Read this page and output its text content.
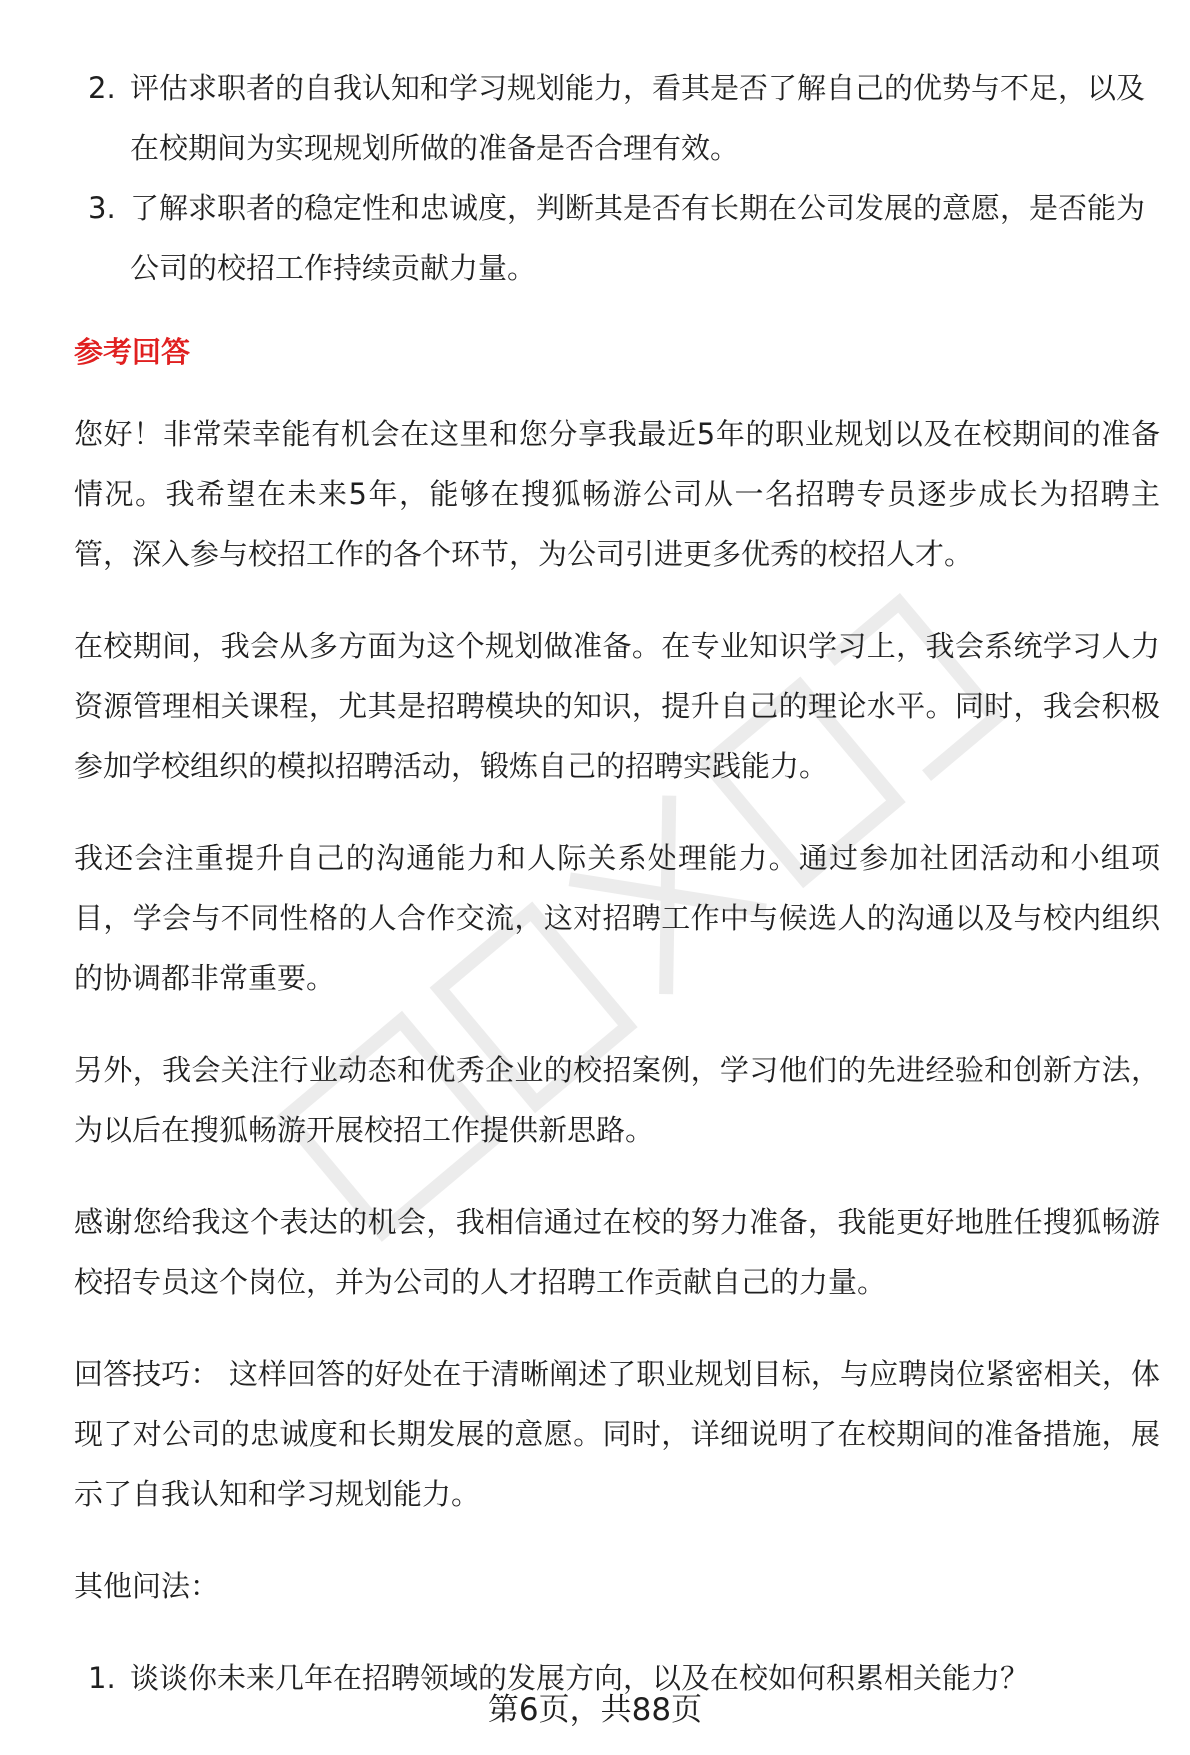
2. 评估求职者的自我认知和学习规划能力，看其是否了解自己的优势与不足，以及在校期间为实现规划所做的准备是否合理有效。

3. 了解求职者的稳定性和忠诚度，判断其是否有长期在公司发展的意愿，是否能为公司的校招工作持续贡献力量。

参考回答

您好！非常荣幸能有机会在这里和您分享我最近5年的职业规划以及在校期间的准备情况。我希望在未来5年，能够在搜狐畅游公司从一名招聘专员逐步成长为招聘主管，深入参与校招工作的各个环节，为公司引进更多优秀的校招人才。

在校期间，我会从多方面为这个规划做准备。在专业知识学习上，我会系统学习人力资源管理相关课程，尤其是招聘模块的知识，提升自己的理论水平。同时，我会积极参加学校组织的模拟招聘活动，锻炼自己的招聘实践能力。

我还会注重提升自己的沟通能力和人际关系处理能力。通过参加社团活动和小组项目，学会与不同性格的人合作交流，这对招聘工作中与候选人的沟通以及与校内组织的协调都非常重要。

另外，我会关注行业动态和优秀企业的校招案例，学习他们的先进经验和创新方法，为以后在搜狐畅游开展校招工作提供新思路。

感谢您给我这个表达的机会，我相信通过在校的努力准备，我能更好地胜任搜狐畅游校招专员这个岗位，并为公司的人才招聘工作贡献自己的力量。

回答技巧： 这样回答的好处在于清晰阐述了职业规划目标，与应聘岗位紧密相关，体现了对公司的忠诚度和长期发展的意愿。同时，详细说明了在校期间的准备措施，展示了自我认知和学习规划能力。

其他问法：

1. 谈谈你未来几年在招聘领域的发展方向，以及在校如何积累相关能力？

第6页，共88页
